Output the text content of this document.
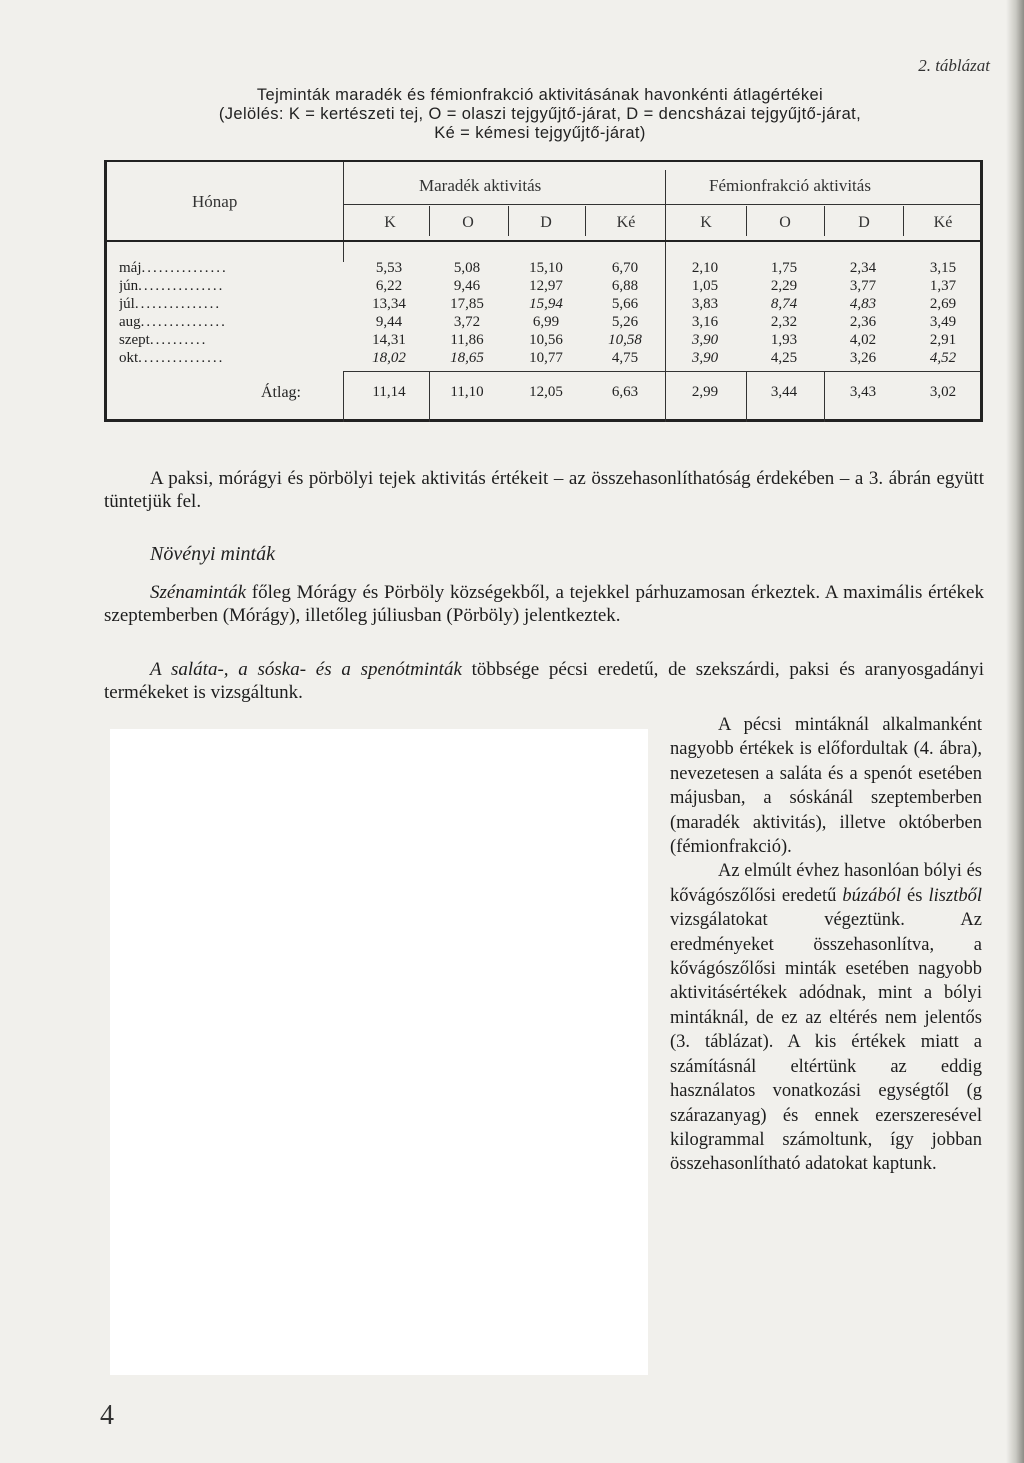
2. táblázat
Tejminták maradék és fémionfrakció aktivitásának havonkénti átlagértékei
(Jelölés: K = kertészeti tej, O = olaszi tejgyűjtő-járat, D = dencsházai tejgyűjtő-járat,
Ké = kémesi tejgyűjtő-járat)
Hónap
Maradék aktivitás	Fémionfrakció aktivitás
K	O	D	Ké	K	O	D	Ké
máj...............	5,53	5,08	15,10	6,70	2,10	1,75	2,34	3,15
jún...............	6,22	9,46	12,97	6,88	1,05	2,29	3,77	1,37
júl...............	13,34	17,85	15,94	5,66	3,83	8,74	4,83	2,69
aug...............	9,44	3,72	6,99	5,26	3,16	2,32	2,36	3,49
szept..........	14,31	11,86	10,56	10,58	3,90	1,93	4,02	2,91
okt...............	18,02	18,65	10,77	4,75	3,90	4,25	3,26	4,52
Átlag:	11,14	11,10	12,05	6,63	2,99	3,44	3,43	3,02
A paksi, mórágyi és pörbölyi tejek aktivitás értékeit – az összehasonlíthatóság érdekében – a 3. ábrán együtt tüntetjük fel.
Növényi minták
Szénaminták főleg Mórágy és Pörböly községekből, a tejekkel párhuzamosan érkeztek. A maximális értékek szeptemberben (Mórágy), illetőleg júliusban (Pörböly) jelentkeztek.
A saláta-, a sóska- és a spenótminták többsége pécsi eredetű, de szekszárdi, paksi és aranyosgadányi termékeket is vizsgáltunk.
A pécsi mintáknál alkalmanként nagyobb értékek is előfordultak (4. ábra), nevezetesen a saláta és a spenót esetében májusban, a sóskánál szeptemberben (maradék aktivitás), illetve októberben (fémionfrakció).
Az elmúlt évhez hasonlóan bólyi és kővágószőlősi eredetű búzából és lisztből vizsgálatokat végeztünk. Az eredményeket összehasonlítva, a kővágószőlősi minták esetében nagyobb aktivitásértékek adódnak, mint a bólyi mintáknál, de ez az eltérés nem jelentős (3. táblázat). A kis értékek miatt a számításnál eltértünk az eddig használatos vonatkozási egységtől (g szárazanyag) és ennek ezerszeresével kilogrammal számoltunk, így jobban összehasonlítható adatokat kaptunk.
4
